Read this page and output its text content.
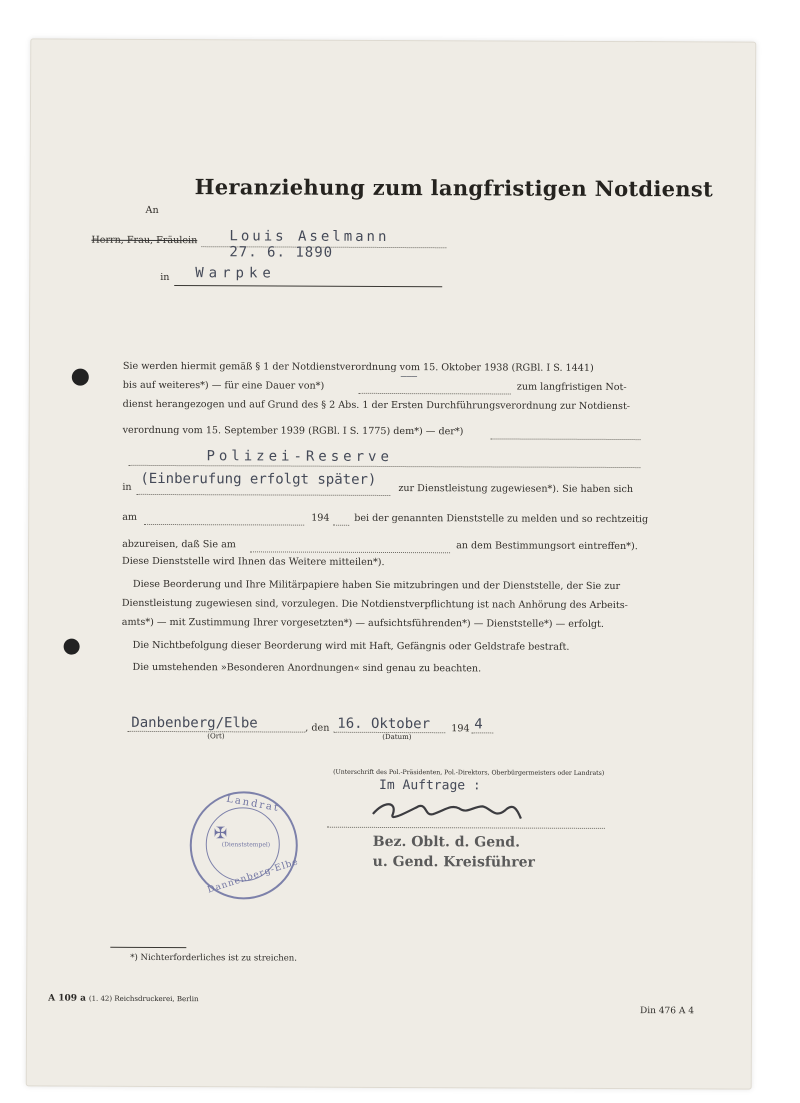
Heranziehung zum langfristigen Notdienst
An
Herrn, Frau, Fräulein Louis Aselmann
27. 6. 1890
in Warpke
Sie werden hiermit gemäß § 1 der Notdienstverordnung vom 15. Oktober 1938 (RGBl. I S. 1441)
bis auf weiteres*) — für eine Dauer von*)
———
zum langfristigen Not-
dienst herangezogen und auf Grund des § 2 Abs. 1 der Ersten Durchführungsverordnung zur Notdienst-
verordnung vom 15. September 1939 (RGBl. I S. 1775) dem*) — der*)
Polizei-Reserve
in (Einberufung erfolgt später)
zur Dienstleistung zugewiesen*). Sie haben sich
am	194	bei der genannten Dienststelle zu melden und so rechtzeitig
abzureisen, daß Sie am	an dem Bestimmungsort eintreffen*).
Diese Dienststelle wird Ihnen das Weitere mitteilen*).
Diese Beorderung und Ihre Militärpapiere haben Sie mitzubringen und der Dienststelle, der Sie zur
Dienstleistung zugewiesen sind, vorzulegen. Die Notdienstverpflichtung ist nach Anhörung des Arbeits-
amts*) — mit Zustimmung Ihrer vorgesetzten*) — aufsichtsführenden*) — Dienststelle*) — erfolgt.
Die Nichtbefolgung dieser Beorderung wird mit Haft, Gefängnis oder Geldstrafe bestraft.
Die umstehenden »Besonderen Anordnungen« sind genau zu beachten.
Danbenberg/Elbe
(Ort)
, den 16. Oktober 194 4
(Datum)
Landrat
✠
(Dienststempel)
Dannenberg-Elbe
(Unterschrift des Pol.-Präsidenten, Pol.-Direktors, Oberbürgermeisters oder Landrats)
Im Auftrage :
Bez. Oblt. d. Gend.
u. Gend. Kreisführer
*) Nichterforderliches ist zu streichen.
A 109 a (1. 42) Reichsdruckerei, Berlin
Din 476 A 4
